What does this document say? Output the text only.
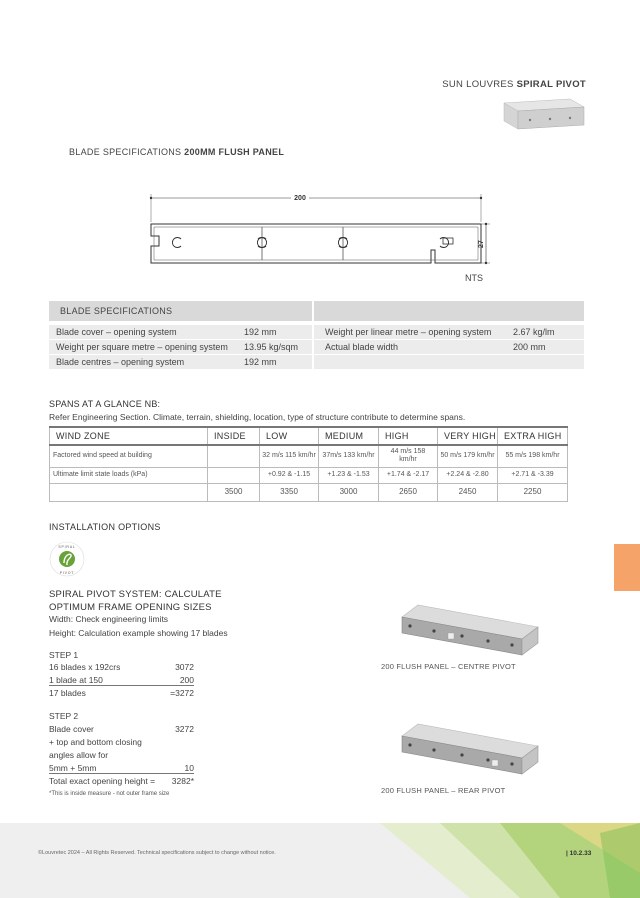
SUN LOUVRES SPIRAL PIVOT
BLADE SPECIFICATIONS 200MM FLUSH PANEL
200
27
NTS
BLADE SPECIFICATIONS
Blade cover – opening system	192 mm	Weight per linear metre – opening system	2.67 kg/lm
Weight per square metre – opening system	13.95 kg/sqm	Actual blade width	200 mm
Blade centres – opening system	192 mm
SPANS AT A GLANCE NB:
Refer Engineering Section. Climate, terrain, shielding, location, type of structure contribute to determine spans.
WIND ZONE	INSIDE	LOW	MEDIUM	HIGH	VERY HIGH	EXTRA HIGH
Factored wind speed at building		32 m/s 115 km/hr	37m/s 133 km/hr	44 m/s 158 km/hr	50 m/s 179 km/hr	55 m/s 198 km/hr
Ultimate limit state loads (kPa)		+0.92 & -1.15	+1.23 & -1.53	+1.74 & -2.17	+2.24 & -2.80	+2.71 & -3.39
	3500	3350	3000	2650	2450	2250
INSTALLATION OPTIONS
SPIRAL
PIVOT
SPIRAL PIVOT SYSTEM: CALCULATE
OPTIMUM FRAME OPENING SIZES
Width: Check engineering limits
Height: Calculation example showing 17 blades
STEP 1
16 blades x 192crs	3072
1 blade at 150	200
17 blades	=3272
STEP 2
Blade cover	3272
+ top and bottom closing
angles allow for
5mm + 5mm	10
Total exact opening height = 3282*
*This is inside measure - not outer frame size
200 FLUSH PANEL – CENTRE PIVOT
200 FLUSH PANEL – REAR PIVOT
©Louvretec 2024 – All Rights Reserved. Technical specifications subject to change without notice.	| 10.2.33
